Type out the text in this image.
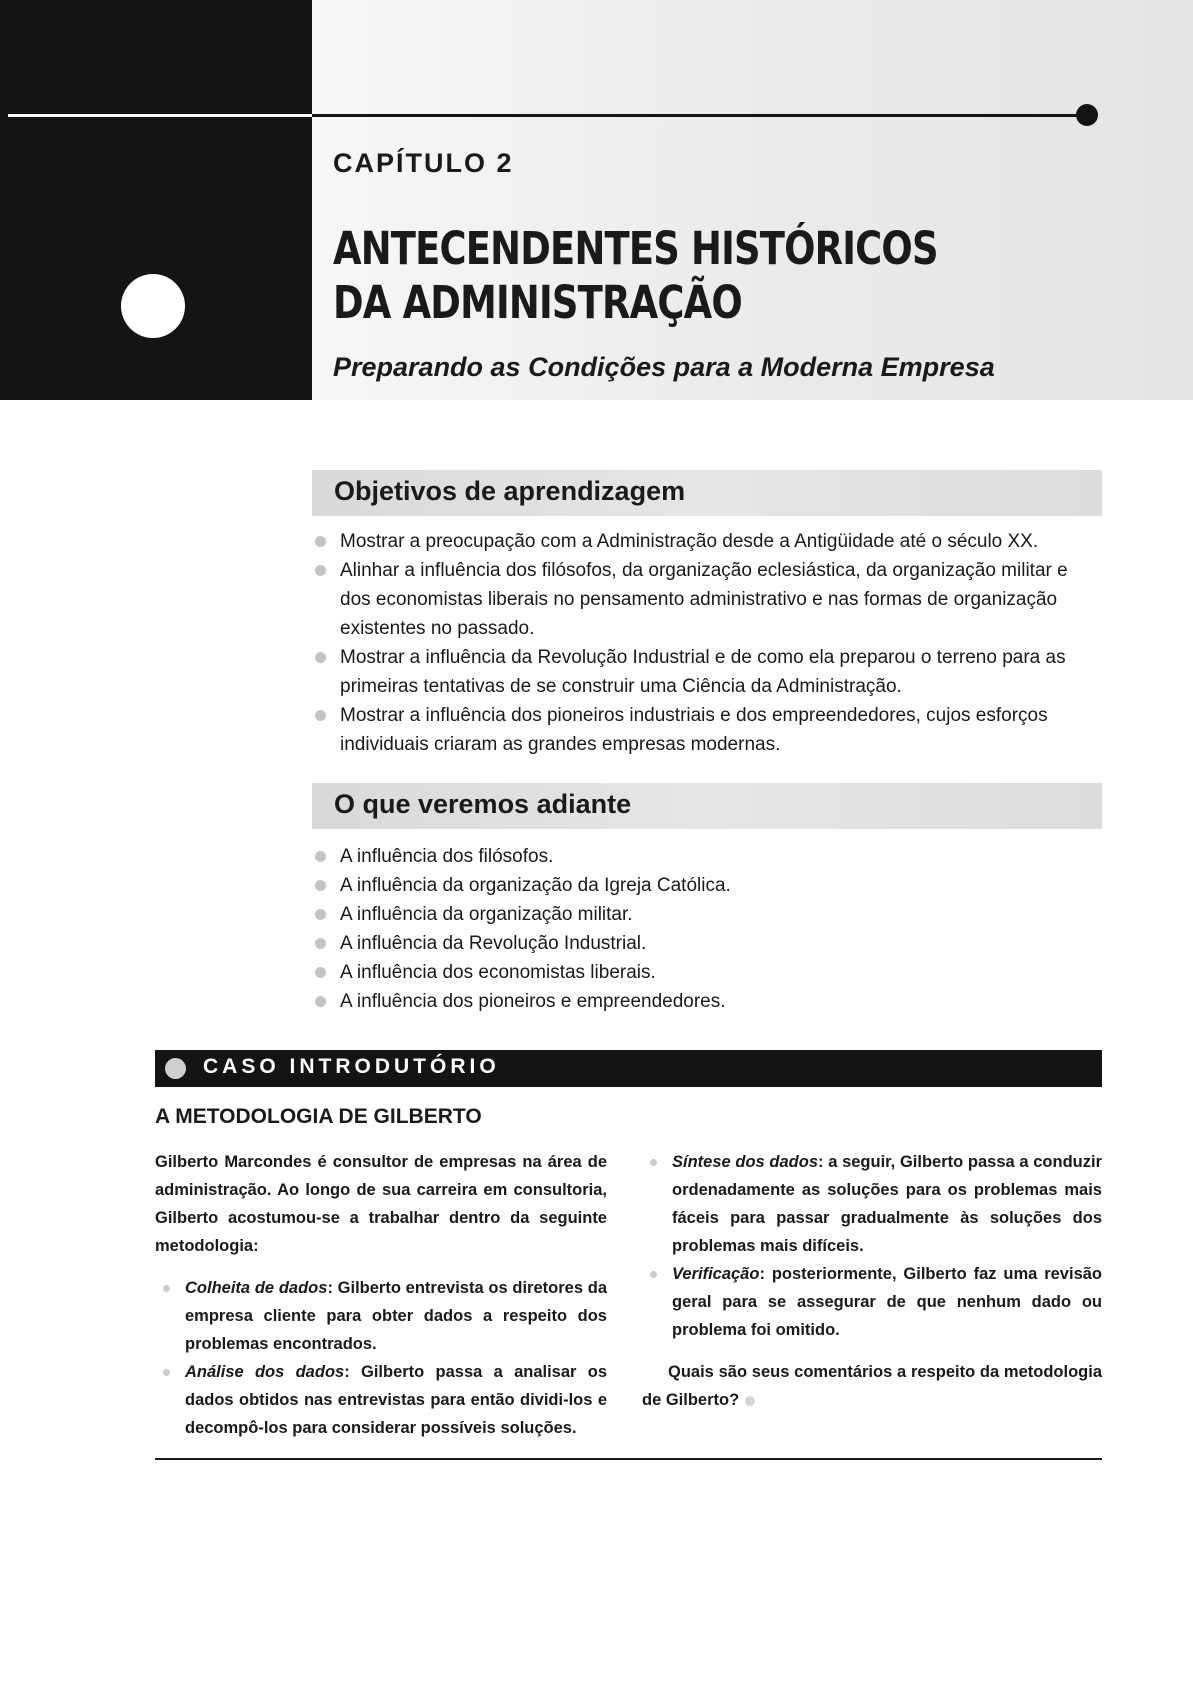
CAPÍTULO 2
ANTECENDENTES HISTÓRICOS
DA ADMINISTRAÇÃO
Preparando as Condições para a Moderna Empresa
Objetivos de aprendizagem
Mostrar a preocupação com a Administração desde a Antigüidade até o século XX.
Alinhar a influência dos filósofos, da organização eclesiástica, da organização militar e dos economistas liberais no pensamento administrativo e nas formas de organização existentes no passado.
Mostrar a influência da Revolução Industrial e de como ela preparou o terreno para as primeiras tentativas de se construir uma Ciência da Administração.
Mostrar a influência dos pioneiros industriais e dos empreendedores, cujos esforços individuais criaram as grandes empresas modernas.
O que veremos adiante
A influência dos filósofos.
A influência da organização da Igreja Católica.
A influência da organização militar.
A influência da Revolução Industrial.
A influência dos economistas liberais.
A influência dos pioneiros e empreendedores.
CASO INTRODUTÓRIO
A METODOLOGIA DE GILBERTO

Gilberto Marcondes é consultor de empresas na área de administração. Ao longo de sua carreira em consultoria, Gilberto acostumou-se a trabalhar dentro da seguinte metodologia:

Colheita de dados: Gilberto entrevista os diretores da empresa cliente para obter dados a respeito dos problemas encontrados.
Análise dos dados: Gilberto passa a analisar os dados obtidos nas entrevistas para então dividi-los e decompô-los para considerar possíveis soluções.
Síntese dos dados: a seguir, Gilberto passa a conduzir ordenadamente as soluções para os problemas mais fáceis para passar gradualmente às soluções dos problemas mais difíceis.
Verificação: posteriormente, Gilberto faz uma revisão geral para se assegurar de que nenhum dado ou problema foi omitido.

Quais são seus comentários a respeito da metodologia de Gilberto?
